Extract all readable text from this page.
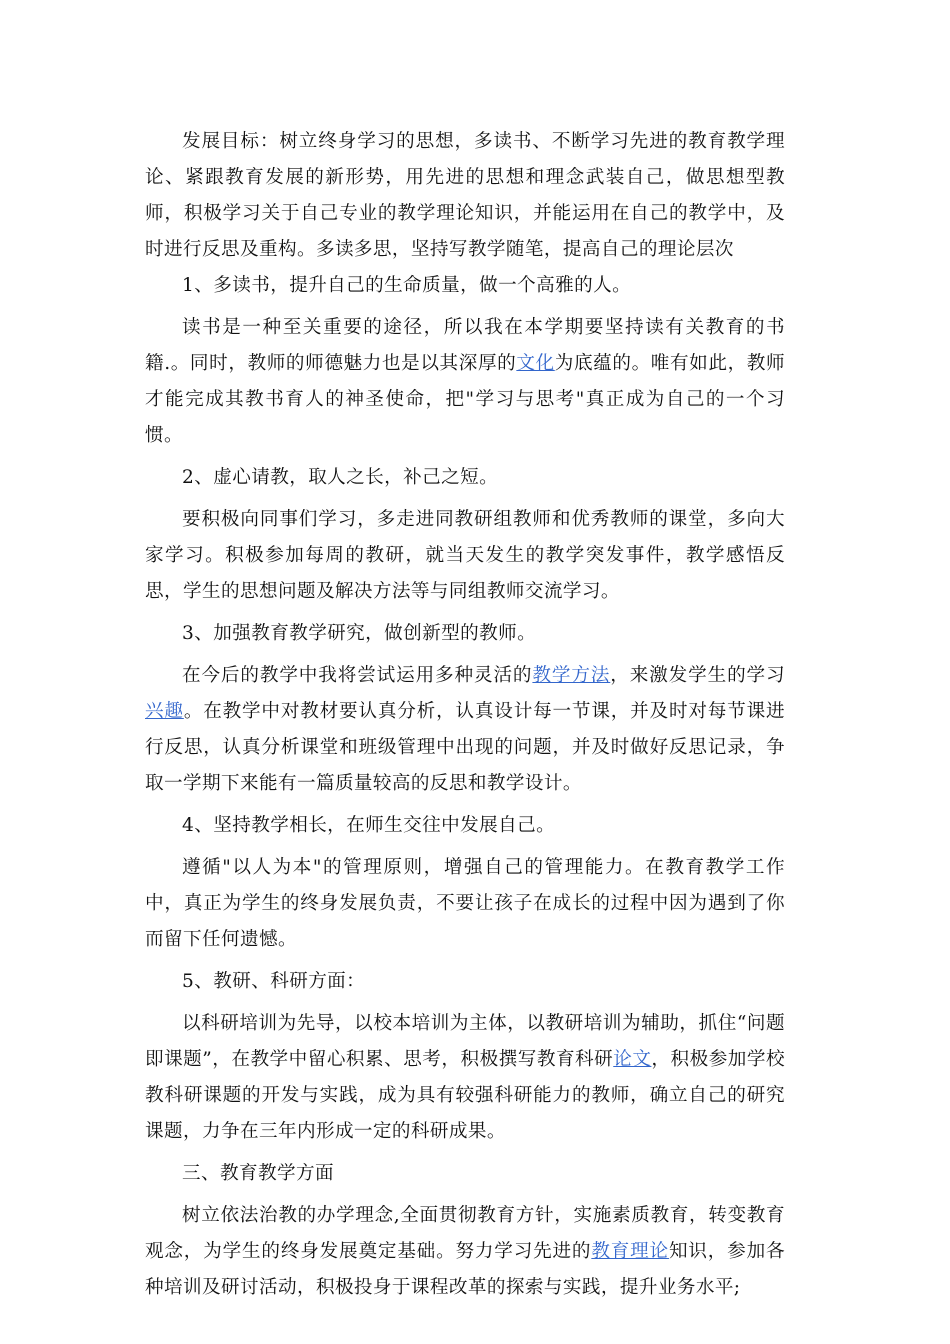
发展目标：树立终身学习的思想，多读书、不断学习先进的教育教学理论、紧跟教育发展的新形势，用先进的思想和理念武装自己，做思想型教师，积极学习关于自己专业的教学理论知识，并能运用在自己的教学中，及时进行反思及重构。多读多思，坚持写教学随笔，提高自己的理论层次

1、多读书，提升自己的生命质量，做一个高雅的人。

读书是一种至关重要的途径，所以我在本学期要坚持读有关教育的书籍.。同时，教师的师德魅力也是以其深厚的文化为底蕴的。唯有如此，教师才能完成其教书育人的神圣使命，把"学习与思考"真正成为自己的一个习惯。

2、虚心请教，取人之长，补己之短。

要积极向同事们学习，多走进同教研组教师和优秀教师的课堂，多向大家学习。积极参加每周的教研，就当天发生的教学突发事件，教学感悟反思，学生的思想问题及解决方法等与同组教师交流学习。

3、加强教育教学研究，做创新型的教师。

在今后的教学中我将尝试运用多种灵活的教学方法，来激发学生的学习兴趣。在教学中对教材要认真分析，认真设计每一节课，并及时对每节课进行反思，认真分析课堂和班级管理中出现的问题，并及时做好反思记录，争取一学期下来能有一篇质量较高的反思和教学设计。

4、坚持教学相长，在师生交往中发展自己。

遵循"以人为本"的管理原则，增强自己的管理能力。在教育教学工作中，真正为学生的终身发展负责，不要让孩子在成长的过程中因为遇到了你而留下任何遗憾。

5、教研、科研方面：

以科研培训为先导，以校本培训为主体，以教研培训为辅助，抓住“问题即课题”，在教学中留心积累、思考，积极撰写教育科研论文，积极参加学校教科研课题的开发与实践，成为具有较强科研能力的教师，确立自己的研究课题，力争在三年内形成一定的科研成果。

三、教育教学方面

树立依法治教的办学理念,全面贯彻教育方针，实施素质教育，转变教育观念，为学生的终身发展奠定基础。努力学习先进的教育理论知识，参加各种培训及研讨活动，积极投身于课程改革的探索与实践，提升业务水平;
